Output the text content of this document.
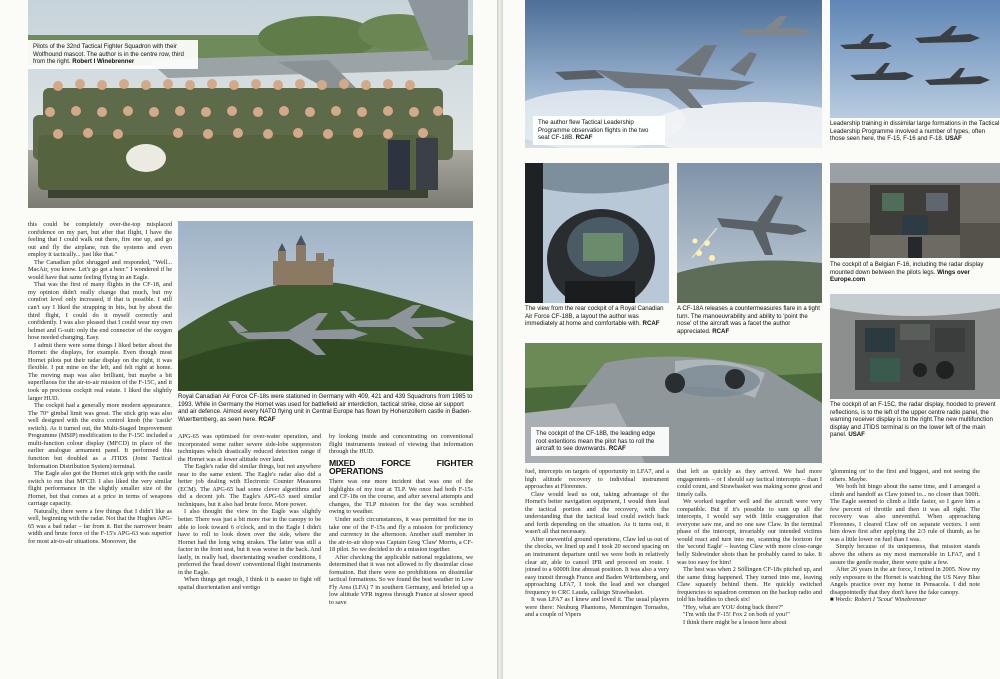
Pilots of the 32nd Tactical Fighter Squadron with their Wolfhound mascot. The author is in the centre row, third from the right. Robert I Winebrenner

this could be completely over-the-top misplaced confidence on my part, but after that flight, I have the feeling that I could walk out there, fire one up, and go out and fly the airplane, run the systems and even employ it tactically... just like that."

The Canadian pilot shrugged and responded, "Well... MacAir, you know. Let's go get a beer." I wondered if he would have that same feeling flying in an Eagle.

That was the first of many flights in the CF-18, and my opinion didn't really change that much, but my comfort level only increased, if that is possible. I still can't say I liked the strapping in bits, but by about the third flight, I could do it myself correctly and confidently. I was also pleased that I could wear my own helmet and G-suit: only the end connector of the oxygen hose needed changing. Easy.

I admit there were some things I liked better about the Hornet: the displays, for example. Even though most Hornet pilots put their radar display on the right, it was flexible. I put mine on the left, and felt right at home. The moving map was also brilliant, but maybe a bit superfluous for the air-to-air mission of the F-15C, and it took up precious cockpit real estate. I liked the slightly larger HUD.

The cockpit had a generally more modern appearance. The 70° gimbal limit was great. The stick grip was also well designed with the extra control knob (the 'castle' switch). As it turned out, the Multi-Staged Improvement Programme (MSIP) modification to the F-15C included a multi-function colour display (MFCD) in place of the earlier analogue armament panel. It performed this function but doubled as a JTIDS (Joint Tactical Information Distribution System) terminal.

The Eagle also got the Hornet stick grip with the castle switch to run that MFCD. I also liked the very similar flight performance in the slightly smaller size of the Hornet, but that comes at a price in terms of weapons carriage capacity.

Naturally, there were a few things that I didn't like as well, beginning with the radar. Not that the Hughes APG-65 was a bad radar – far from it. But the narrower beam width and brute force of the F-15's APG-63 was superior for most air-to-air situations. Moreover, the

Royal Canadian Air Force CF-18s were stationed in Germany with 409, 421 and 439 Squadrons from 1985 to 1993. While in Germany the Hornet was used for battlefield air interdiction, tactical strike, close air support and air defence. Almost every NATO flying unit in Central Europe has flown by Hohenzollern castle in Baden-Wuerttemberg, as seen here. RCAF

APG-65 was optimised for over-water operation, and incorporated some rather severe side-lobe suppression techniques which drastically reduced detection range if the Hornet was at lower altitude over land.

The Eagle's radar did similar things, but not anywhere near to the same extent. The Eagle's radar also did a better job dealing with Electronic Counter Measures (ECM). The APG-65 had some clever algorithms and did a decent job. The Eagle's APG-63 used similar techniques, but it also had brute force. More power.

I also thought the view in the Eagle was slightly better. There was just a bit more rise in the canopy to be able to look toward 6 o'clock, and in the Eagle I didn't have to roll to look down over the side, where the Hornet had the long wing strakes. The latter was still a factor in the front seat, but it was worse in the back. And lastly, in really bad, disorientating weather conditions, I preferred the 'head down' conventional flight instruments in the Eagle.

When things get rough, I think it is easier to fight off spatial disorientation and vertigo

by looking inside and concentrating on conventional flight instruments instead of viewing that information through the HUD.

MIXED FORCE FIGHTER OPERATIONS

There was one more incident that was one of the highlights of my tour at TLP. We once had both F-15s and CF-18s on the course, and after several attempts and changes, the TLP mission for the day was scrubbed owing to weather.

Under such circumstances, it was permitted for me to take one of the F-15s and fly a mission for proficiency and currency in the afternoon. Another staff member in the air-to-air shop was Captain Greg 'Claw' Morris, a CF-18 pilot. So we decided to do a mission together.

After checking the applicable national regulations, we determined that it was not allowed to fly dissimilar close formation. But there were no prohibitions on dissimilar tactical formations. So we found the best weather in Low Fly Area (LFA) 7 in southern Germany, and briefed up a low altitude VFR ingress through France at slower speed to save

The author flew Tactical Leadership Programme observation flights in the two seat CF-18B. RCAF
Leadership training in dissimilar large formations in the Tactical Leadership Programme involved a number of types, often those seen here, the F-15, F-16 and F-18. USAF
The view from the rear cockpit of a Royal Canadian Air Force CF-18B, a layout the author was immediately at home and comfortable with. RCAF
A CF-18A releases a countermeasures flare in a tight turn. The manoeuvrability and ability to 'point the nose' of the aircraft was a facet the author appreciated. RCAF
The cockpit of a Belgian F-16, including the radar display mounted down between the pilots legs. Wings over Europe.com
The cockpit of an F-15C, the radar display, hooded to prevent reflections, is to the left of the upper centre radio panel, the warning receiver display is to the right.The new multifunction display and JTIDS terminal is on the lower left of the main panel. USAF
The cockpit of the CF-18B, the leading edge root extentions mean the pilot has to roll the aircraft to see downwards. RCAF

fuel, intercepts on targets of opportunity in LFA7, and a high altitude recovery to individual instrument approaches at Florennes.

Claw would lead us out, taking advantage of the Hornet's better navigation equipment, I would then lead the tactical portion and the recovery, with the understanding that the tactical lead could switch back and forth depending on the situation. As it turns out, it wasn't all that necessary.

After uneventful ground operations, Claw led us out of the chocks, we lined up and I took 20 second spacing on an instrument departure until we were both in relatively clear air, able to cancel IFR and proceed en route. I joined to a 6000ft line abreast position. It was also a very easy transit through France and Baden Württemberg, and approaching LFA7, I took the lead and we changed frequency to CRC Lauda, callsign Strawbasket.

It was LFA7 as I knew and loved it. The usual players were there: Neuburg Phantoms, Memmingen Tornados, and a couple of Vipers

that left as quickly as they arrived. We had more engagements – or I should say tactical intercepts – than I could count, and Strawbasket was making some great and timely calls.

We worked together well and the aircraft were very compatible. But if it's possible to sum up all the intercepts, I would say with little exaggeration that everyone saw me, and no one saw Claw. In the terminal phase of the intercept, invariably our intended victims would react and turn into me, scanning the horizon for the 'second Eagle' – leaving Claw with more close-range belly Sidewinder shots than he probably cared to take. It was too easy for him!

The best was when 2 Söllingen CF-18s pitched up, and the same thing happened. They turned into me, leaving Claw squarely behind them. He quickly switched frequencies to squadron common on the backup radio and told his buddies to check six!

"Hey, what are YOU doing back there?"

"I'm with the F-15! Fox 2 on both of you!"

I think there might be a lesson here about

'glomming on' to the first and biggest, and not seeing the others. Maybe.

We both hit bingo about the same time, and I arranged a climb and handoff as Claw joined to... no closer than 500ft. The Eagle seemed to climb a little faster, so I gave him a few percent of throttle and then it was all right. The recovery was also uneventful. When approaching Florennes, I cleared Claw off on separate vectors. I sent him down first after applying the 2/3 rule of thumb, as he was a little lower on fuel than I was.

Simply because of its uniqueness, that mission stands above the others as my most memorable in LFA7, and I assure the gentle reader, there were quite a few.

After 26 years in the air force, I retired in 2005. Now my only exposure to the Hornet is watching the US Navy Blue Angels practice over my home in Pensacola. I did note disappointedly that they don't have the fake canopy.

■ Words: Robert I 'Scout' Winebrenner
